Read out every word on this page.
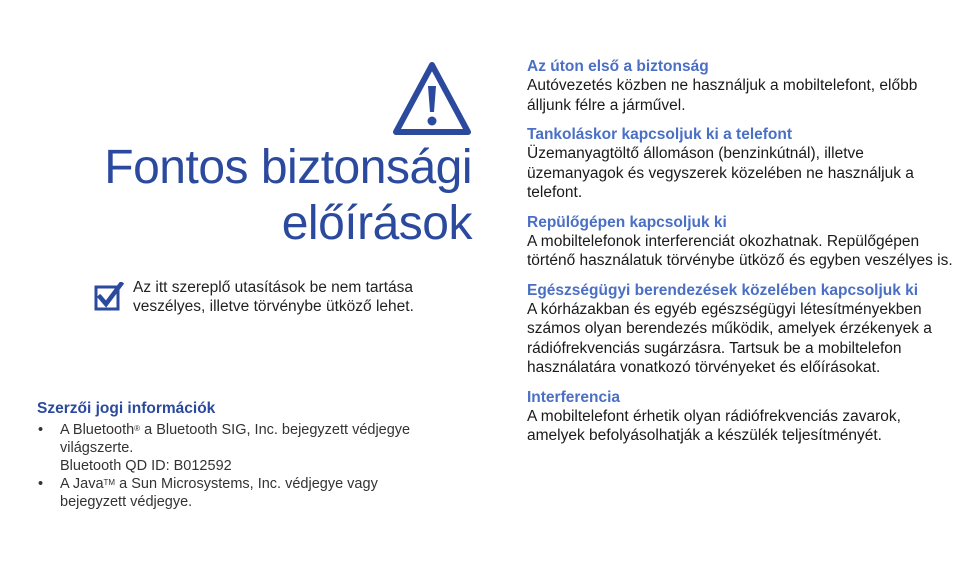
Fontos biztonsági
előírások
Az itt szereplő utasítások be nem tartása veszélyes, illetve törvénybe ütköző lehet.
Szerzői jogi információk
• A Bluetooth® a Bluetooth SIG, Inc. bejegyzett védjegye világszerte.
Bluetooth QD ID: B012592
• A Java™ a Sun Microsystems, Inc. védjegye vagy bejegyzett védjegye.
Az úton első a biztonság
Autóvezetés közben ne használjuk a mobiltelefont, előbb álljunk félre a járművel.
Tankoláskor kapcsoljuk ki a telefont
Üzemanyagtöltő állomáson (benzinkútnál), illetve üzemanyagok és vegyszerek közelében ne használjuk a telefont.
Repülőgépen kapcsoljuk ki
A mobiltelefonok interferenciát okozhatnak. Repülőgépen történő használatuk törvénybe ütköző és egyben veszélyes is.
Egészségügyi berendezések közelében kapcsoljuk ki
A kórházakban és egyéb egészségügyi létesítményekben számos olyan berendezés működik, amelyek érzékenyek a rádiófrekvenciás sugárzásra. Tartsuk be a mobiltelefon használatára vonatkozó törvényeket és előírásokat.
Interferencia
A mobiltelefont érhetik olyan rádiófrekvenciás zavarok, amelyek befolyásolhatják a készülék teljesítményét.
